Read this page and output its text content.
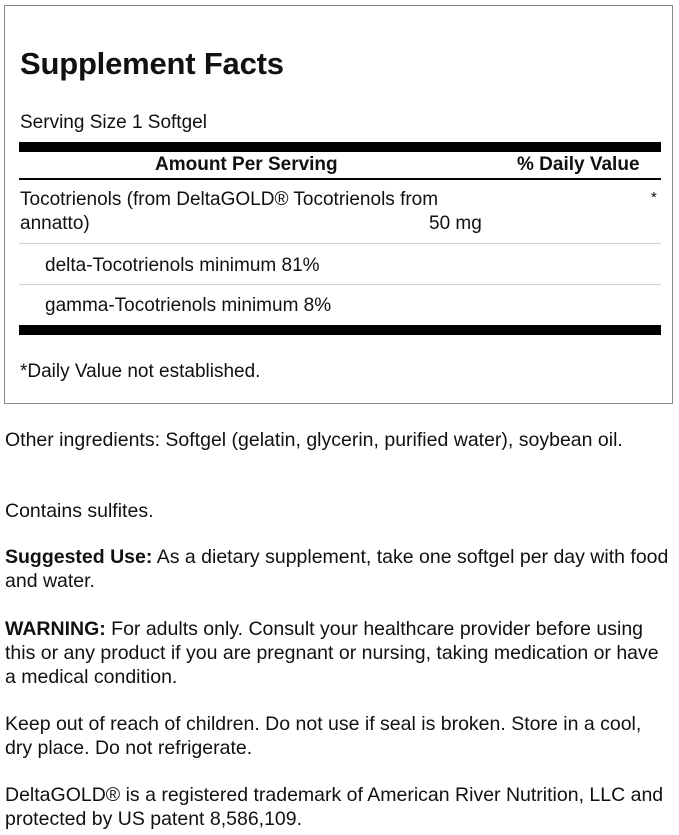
Supplement Facts
Serving Size 1 Softgel
Amount Per Serving	% Daily Value
Tocotrienols (from DeltaGOLD® Tocotrienols from
annatto)	50 mg
*
delta-Tocotrienols minimum 81%
gamma-Tocotrienols minimum 8%
*Daily Value not established.

Other ingredients: Softgel (gelatin, glycerin, purified water), soybean oil.

Contains sulfites.

Suggested Use: As a dietary supplement, take one softgel per day with food and water.

WARNING: For adults only. Consult your healthcare provider before using this or any product if you are pregnant or nursing, taking medication or have a medical condition.

Keep out of reach of children. Do not use if seal is broken. Store in a cool, dry place. Do not refrigerate.

DeltaGOLD® is a registered trademark of American River Nutrition, LLC and protected by US patent 8,586,109.
